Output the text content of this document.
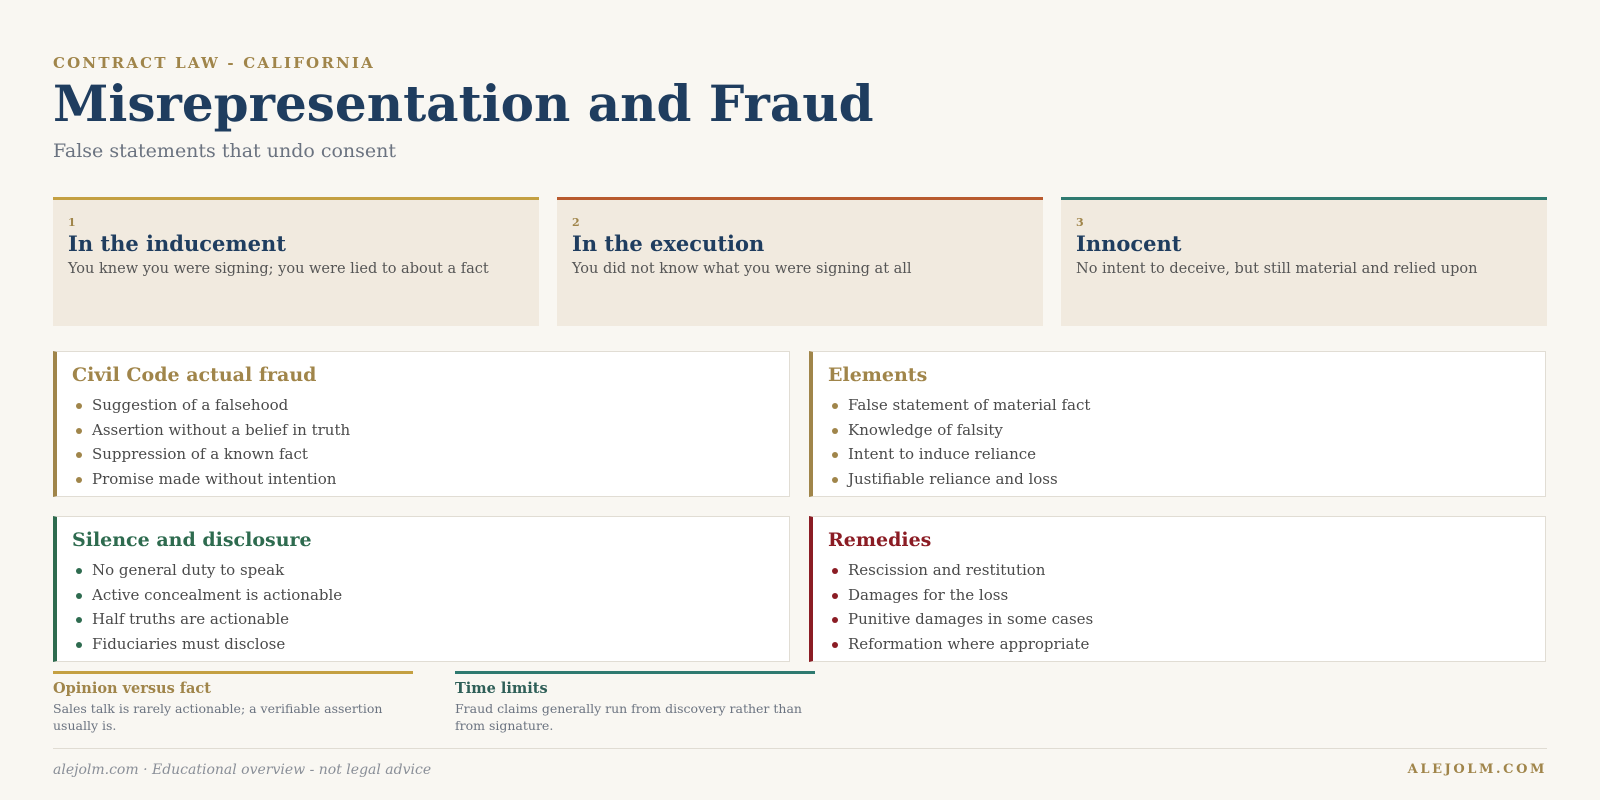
CONTRACT LAW - CALIFORNIA
Misrepresentation and Fraud
False statements that undo consent
1
In the inducement
You knew you were signing; you were lied to about a fact
2
In the execution
You did not know what you were signing at all
3
Innocent
No intent to deceive, but still material and relied upon
Civil Code actual fraud
Suggestion of a falsehood
Assertion without a belief in truth
Suppression of a known fact
Promise made without intention
Elements
False statement of material fact
Knowledge of falsity
Intent to induce reliance
Justifiable reliance and loss
Silence and disclosure
No general duty to speak
Active concealment is actionable
Half truths are actionable
Fiduciaries must disclose
Remedies
Rescission and restitution
Damages for the loss
Punitive damages in some cases
Reformation where appropriate
Opinion versus fact
Sales talk is rarely actionable; a verifiable assertion usually is.
Time limits
Fraud claims generally run from discovery rather than from signature.
alejolm.com · Educational overview - not legal advice	ALEJOLM.COM
